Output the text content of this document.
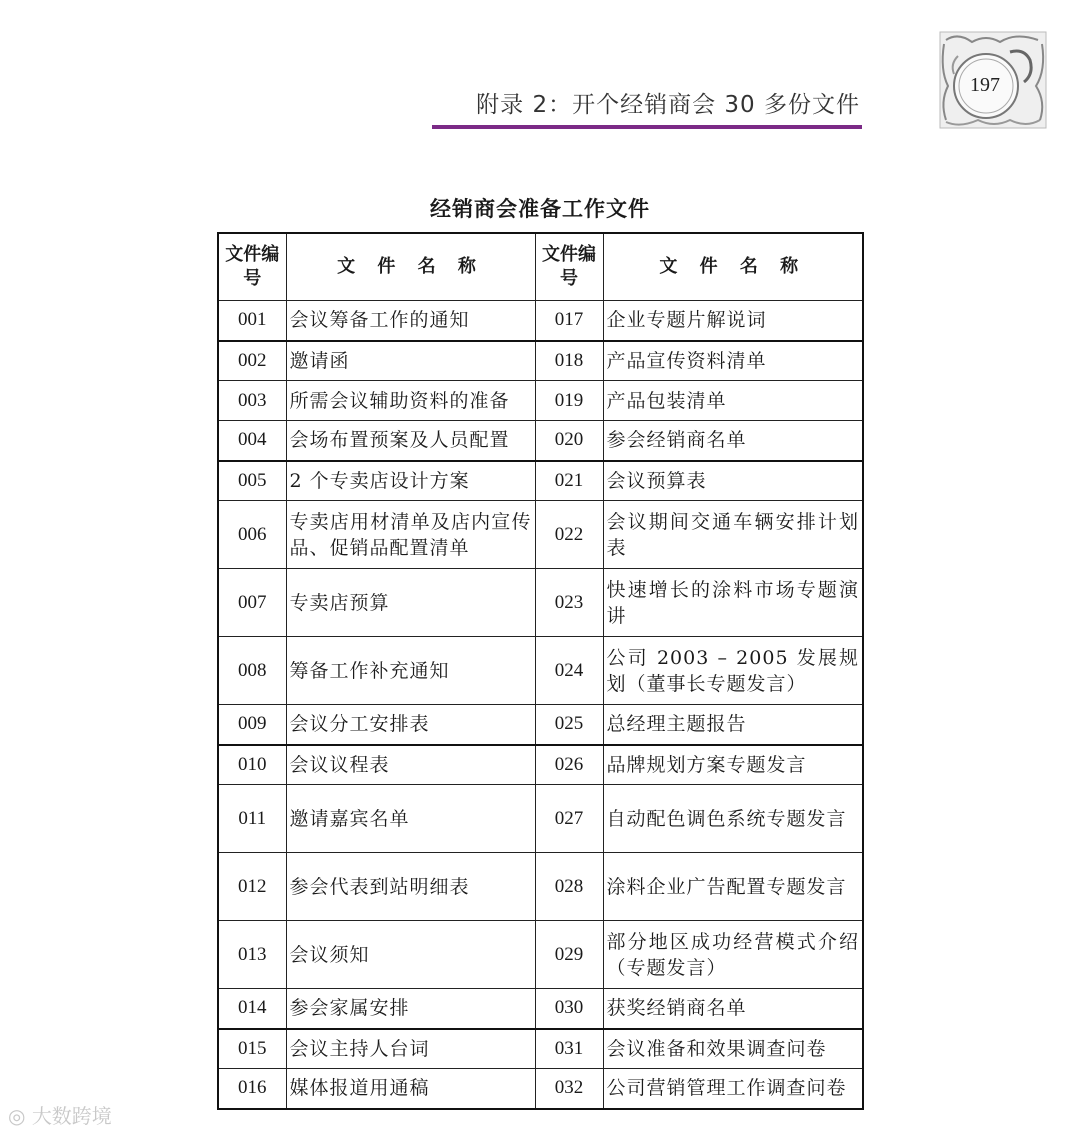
附录 2：开个经销商会 30 多份文件
197
经销商会准备工作文件
文件编号	文 件 名 称	文件编号	文 件 名 称
001	会议筹备工作的通知	017	企业专题片解说词
002	邀请函	018	产品宣传资料清单
003	所需会议辅助资料的准备	019	产品包装清单
004	会场布置预案及人员配置	020	参会经销商名单
005	2 个专卖店设计方案	021	会议预算表
006	专卖店用材清单及店内宣传品、促销品配置清单	022	会议期间交通车辆安排计划表
007	专卖店预算	023	快速增长的涂料市场专题演讲
008	筹备工作补充通知	024	公司 2003 – 2005 发展规划（董事长专题发言）
009	会议分工安排表	025	总经理主题报告
010	会议议程表	026	品牌规划方案专题发言
011	邀请嘉宾名单	027	自动配色调色系统专题发言
012	参会代表到站明细表	028	涂料企业广告配置专题发言
013	会议须知	029	部分地区成功经营模式介绍（专题发言）
014	参会家属安排	030	获奖经销商名单
015	会议主持人台词	031	会议准备和效果调查问卷
016	媒体报道用通稿	032	公司营销管理工作调查问卷
◎ 大数跨境
